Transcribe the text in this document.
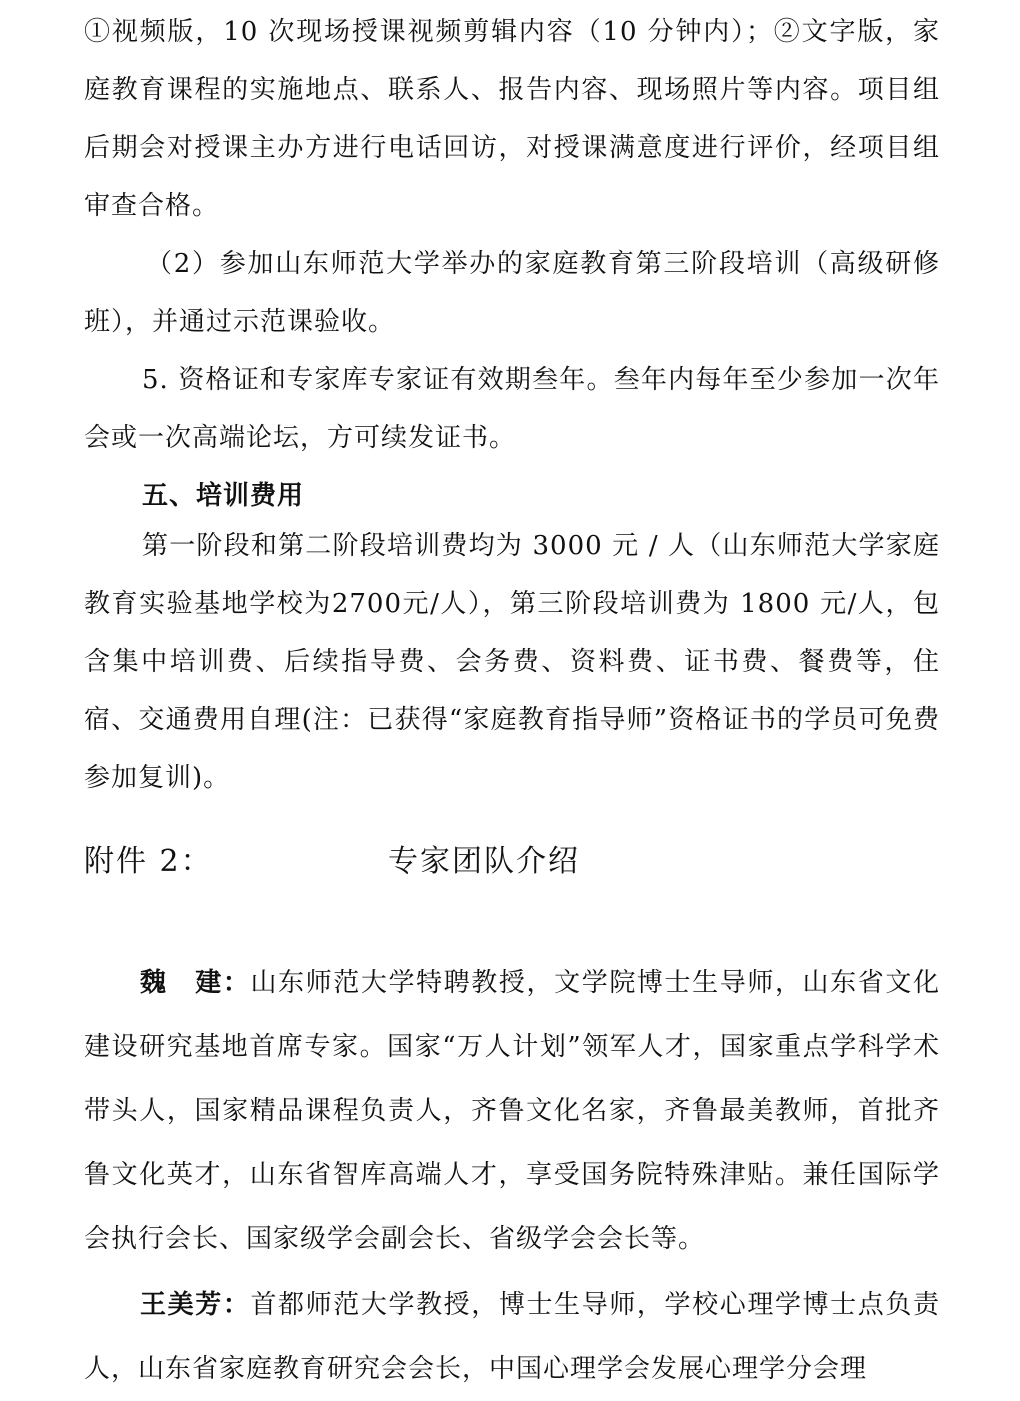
①视频版，10 次现场授课视频剪辑内容（10 分钟内）；②文字版，家庭教育课程的实施地点、联系人、报告内容、现场照片等内容。项目组后期会对授课主办方进行电话回访，对授课满意度进行评价，经项目组审查合格。

（2）参加山东师范大学举办的家庭教育第三阶段培训（高级研修班），并通过示范课验收。

5. 资格证和专家库专家证有效期叁年。叁年内每年至少参加一次年会或一次高端论坛，方可续发证书。

五、培训费用

第一阶段和第二阶段培训费均为 3000 元 / 人（山东师范大学家庭教育实验基地学校为2700元/人），第三阶段培训费为 1800 元/人，包含集中培训费、后续指导费、会务费、资料费、证书费、餐费等，住宿、交通费用自理(注：已获得“家庭教育指导师”资格证书的学员可免费参加复训)。

附件 2：	专家团队介绍

魏　建：山东师范大学特聘教授，文学院博士生导师，山东省文化建设研究基地首席专家。国家“万人计划”领军人才，国家重点学科学术带头人，国家精品课程负责人，齐鲁文化名家，齐鲁最美教师，首批齐鲁文化英才，山东省智库高端人才，享受国务院特殊津贴。兼任国际学会执行会长、国家级学会副会长、省级学会会长等。

王美芳：首都师范大学教授，博士生导师，学校心理学博士点负责人，山东省家庭教育研究会会长，中国心理学会发展心理学分会理
